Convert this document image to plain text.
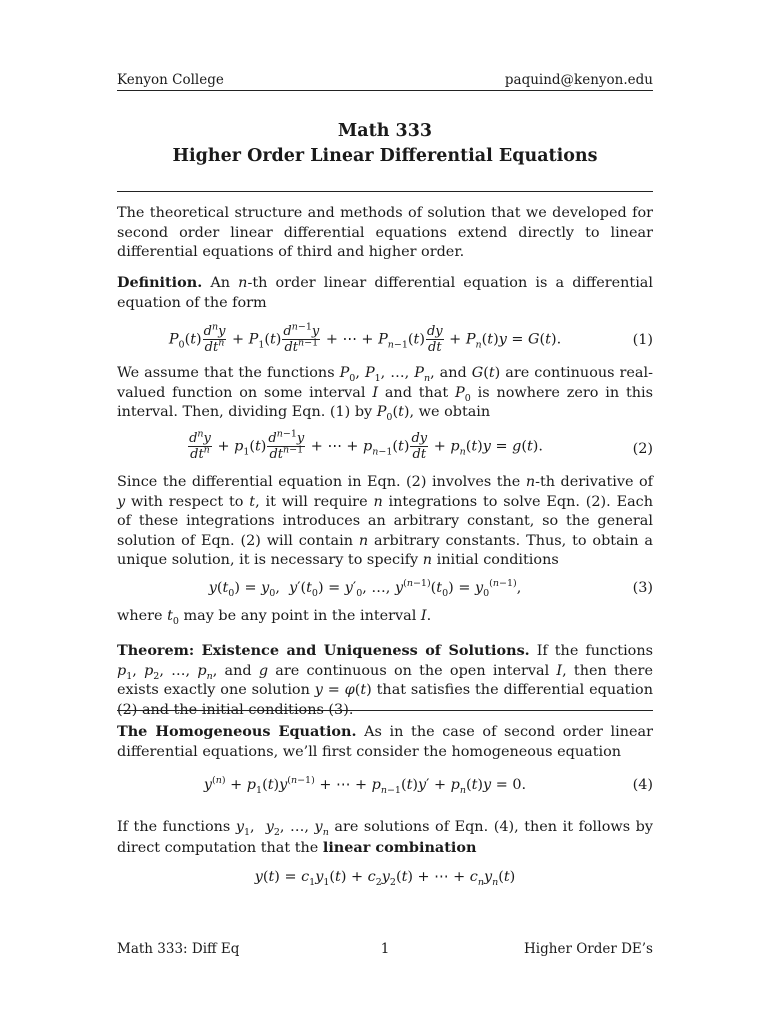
Kenyon College	paquind@kenyon.edu
Math 333
Higher Order Linear Differential Equations
The theoretical structure and methods of solution that we developed for second order linear differential equations extend directly to linear differential equations of third and higher order.
Definition. An n-th order linear differential equation is a differential equation of the form
$P_0(t) \frac{d^ny}{dt^n} + P_1(t) \frac{d^{n-1}y}{dt^{n-1}}$ + ⋯ + $P_{n-1}(t) \frac{dy}{dt} + P_n(t)y = G(t)$.	(1)
We assume that the functions $P_0$, $P_1$, …, $P_n$, and G(t) are continuous real-valued function on some interval I and that $P_0$ is nowhere zero in this interval. Then, dividing Eqn. (1) by $P_0(t)$, we obtain
$\frac{d^ny}{dt^n} + p_1(t) \frac{d^{n-1}y}{dt^{n-1}}$ + ⋯ + $p_{n-1}(t) \frac{dy}{dt} + p_n(t)y = g(t)$.	(2)
Since the differential equation in Eqn. (2) involves the n-th derivative of y with respect to t, it will require n integrations to solve Eqn. (2). Each of these integrations introduces an arbitrary constant, so the general solution of Eqn. (2) will contain n arbitrary constants. Thus, to obtain a unique solution, it is necessary to specify n initial conditions
$y(t_0) = y_0$,  $y'(t_0) = y'_0$, …, $y^{(n-1)}(t_0) = y_0^{(n-1)}$,	(3)
where $t_0$ may be any point in the interval I.
Theorem: Existence and Uniqueness of Solutions. If the functions $p_1$, $p_2$, …, $p_n$, and g are continuous on the open interval I, then there exists exactly one solution y = φ(t) that satisfies the differential equation (2) and the initial conditions (3).
The Homogeneous Equation. As in the case of second order linear differential equations, we’ll first consider the homogeneous equation
$y^{(n)} + p_1(t)y^{(n-1)}$ + ⋯ + $p_{n-1}(t)y' + p_n(t)y = 0$.	(4)
If the functions $y_1$,  $y_2$, …, $y_n$ are solutions of Eqn. (4), then it follows by direct computation that the linear combination
$y(t) = c_1y_1(t) + c_2y_2(t)$ + ⋯ + $c_ny_n(t)$
Math 333: Diff Eq	1	Higher Order DE’s
